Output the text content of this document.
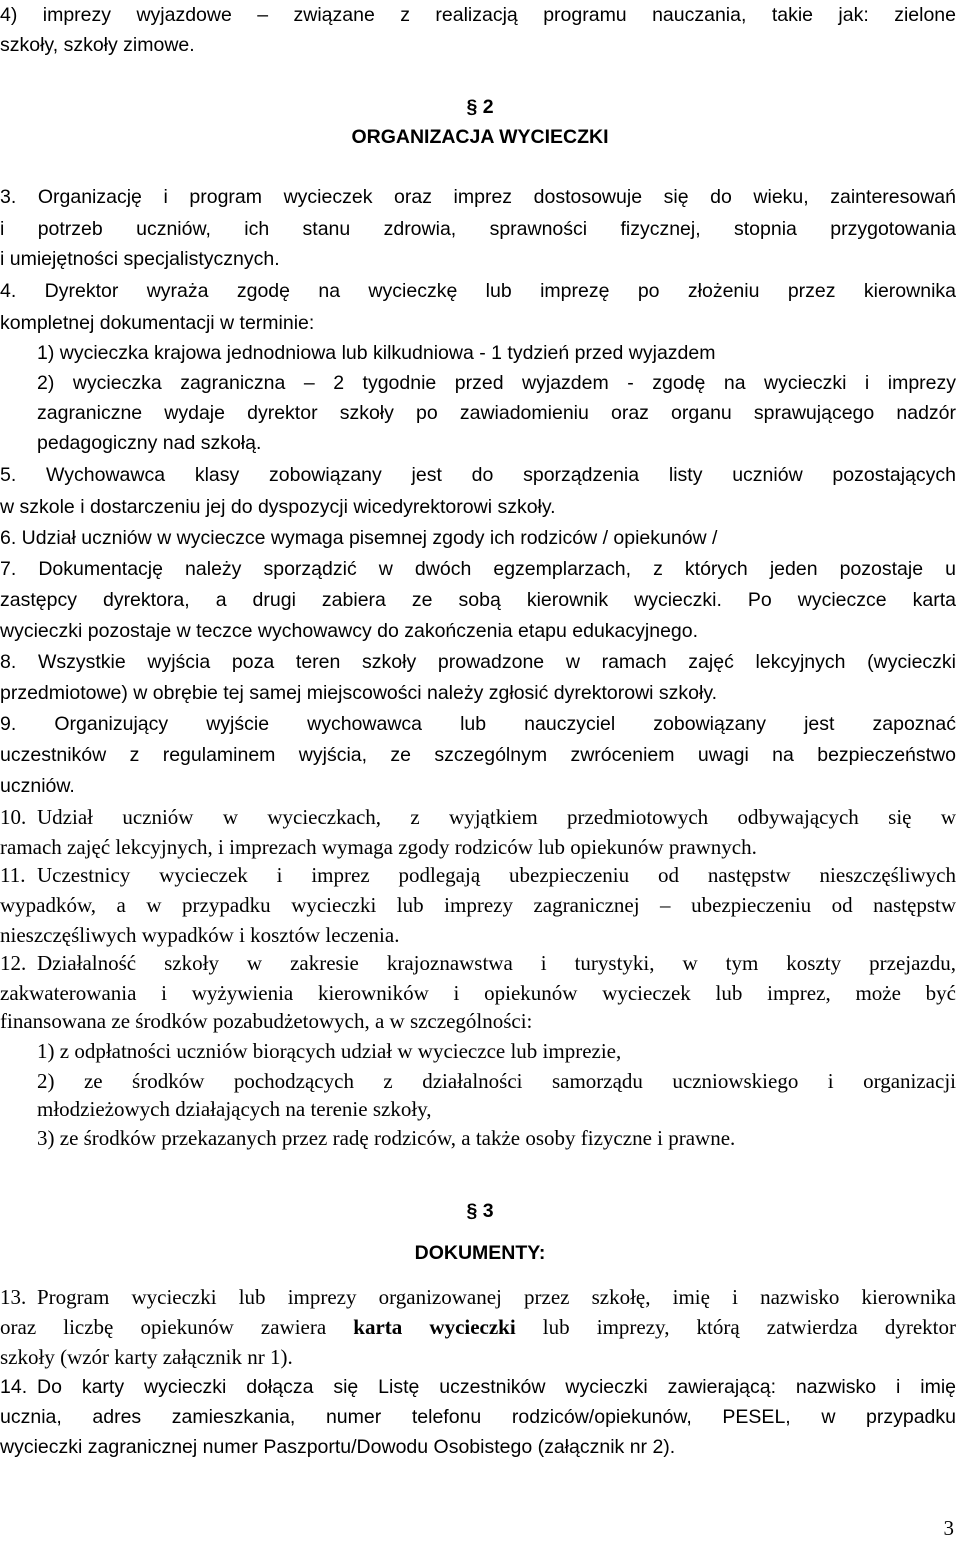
4) imprezy wyjazdowe – związane z realizacją programu nauczania, takie jak: zielone
szkoły, szkoły zimowe.
§ 2
ORGANIZACJA WYCIECZKI
3. Organizację i program wycieczek oraz imprez dostosowuje się do wieku, zainteresowań
i potrzeb uczniów, ich stanu zdrowia, sprawności fizycznej, stopnia przygotowania
i umiejętności specjalistycznych.
4. Dyrektor wyraża zgodę na wycieczkę lub imprezę po złożeniu przez kierownika
kompletnej dokumentacji w terminie:
1) wycieczka krajowa jednodniowa lub kilkudniowa - 1 tydzień przed wyjazdem
2) wycieczka zagraniczna – 2 tygodnie przed wyjazdem - zgodę na wycieczki i imprezy
zagraniczne wydaje dyrektor szkoły po zawiadomieniu oraz organu sprawującego nadzór
pedagogiczny nad szkołą.
5. Wychowawca klasy zobowiązany jest do sporządzenia listy uczniów pozostających
w szkole i dostarczeniu jej do dyspozycji wicedyrektorowi szkoły.
6. Udział uczniów w wycieczce wymaga pisemnej zgody ich rodziców / opiekunów /
7. Dokumentację należy sporządzić w dwóch egzemplarzach, z których jeden pozostaje u
zastępcy dyrektora, a drugi zabiera ze sobą kierownik wycieczki. Po wycieczce karta
wycieczki pozostaje w teczce wychowawcy do zakończenia etapu edukacyjnego.
8. Wszystkie wyjścia poza teren szkoły prowadzone w ramach zajęć lekcyjnych (wycieczki
przedmiotowe) w obrębie tej samej miejscowości należy zgłosić dyrektorowi szkoły.
9. Organizujący wyjście wychowawca lub nauczyciel zobowiązany jest zapoznać
uczestników z regulaminem wyjścia, ze szczególnym zwróceniem uwagi na bezpieczeństwo
uczniów.
10. Udział uczniów w wycieczkach, z wyjątkiem przedmiotowych odbywających się w
ramach zajęć lekcyjnych, i imprezach wymaga zgody rodziców lub opiekunów prawnych.
11. Uczestnicy wycieczek i imprez podlegają ubezpieczeniu od następstw nieszczęśliwych
wypadków, a w przypadku wycieczki lub imprezy zagranicznej – ubezpieczeniu od następstw
nieszczęśliwych wypadków i kosztów leczenia.
12. Działalność szkoły w zakresie krajoznawstwa i turystyki, w tym koszty przejazdu,
zakwaterowania i wyżywienia kierowników i opiekunów wycieczek lub imprez, może być
finansowana ze środków pozabudżetowych, a w szczególności:
1) z odpłatności uczniów biorących udział w wycieczce lub imprezie,
2) ze środków pochodzących z działalności samorządu uczniowskiego i organizacji
młodzieżowych działających na terenie szkoły,
3) ze środków przekazanych przez radę rodziców, a także osoby fizyczne i prawne.
§ 3
DOKUMENTY:
13. Program wycieczki lub imprezy organizowanej przez szkołę, imię i nazwisko kierownika
oraz liczbę opiekunów zawiera karta wycieczki lub imprezy, którą zatwierdza dyrektor
szkoły (wzór karty załącznik nr 1).
14. Do karty wycieczki dołącza się Listę uczestników wycieczki zawierającą: nazwisko i imię
ucznia, adres zamieszkania, numer telefonu rodziców/opiekunów, PESEL, w przypadku
wycieczki zagranicznej numer Paszportu/Dowodu Osobistego (załącznik nr 2).
3
